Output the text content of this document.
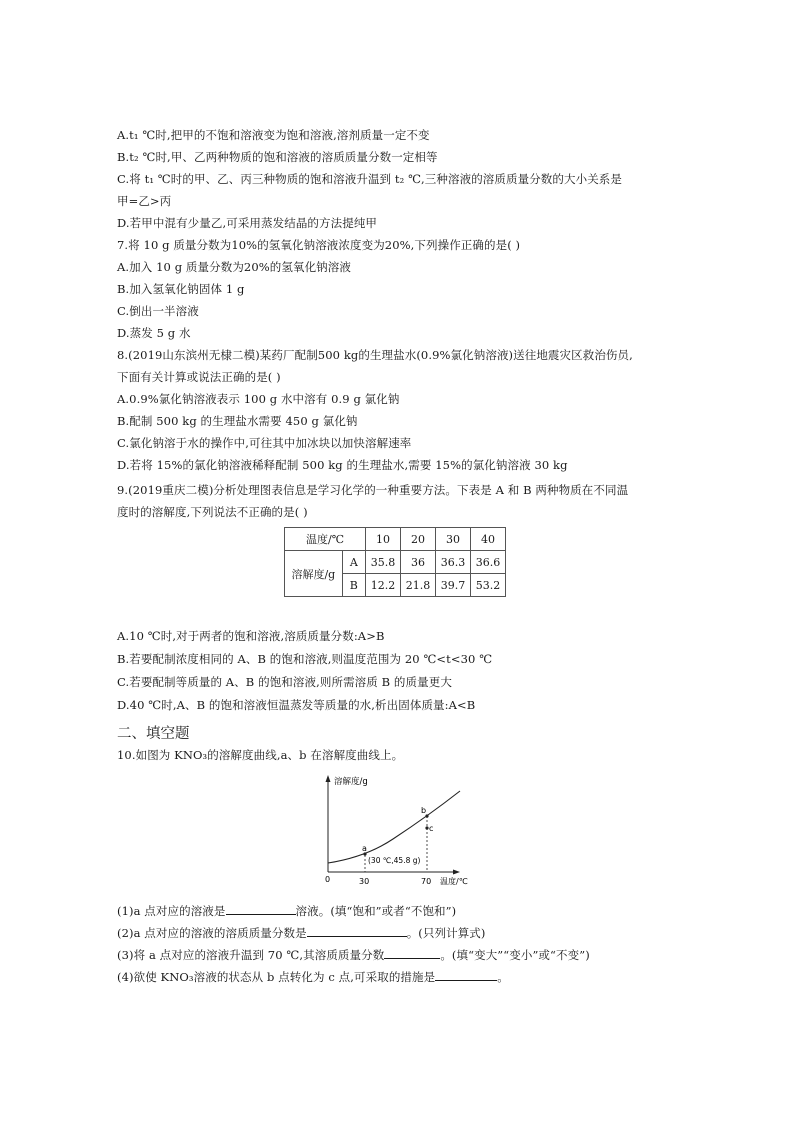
A.t₁ ℃时,把甲的不饱和溶液变为饱和溶液,溶剂质量一定不变
B.t₂ ℃时,甲、乙两种物质的饱和溶液的溶质质量分数一定相等
C.将 t₁ ℃时的甲、乙、丙三种物质的饱和溶液升温到 t₂ ℃,三种溶液的溶质质量分数的大小关系是
甲=乙>丙
D.若甲中混有少量乙,可采用蒸发结晶的方法提纯甲
7.将 10 g 质量分数为10%的氢氧化钠溶液浓度变为20%,下列操作正确的是( )
A.加入 10 g 质量分数为20%的氢氧化钠溶液
B.加入氢氧化钠固体 1 g
C.倒出一半溶液
D.蒸发 5 g 水
8.(2019山东滨州无棣二模)某药厂配制500 kg的生理盐水(0.9%氯化钠溶液)送往地震灾区救治伤员,
下面有关计算或说法正确的是( )
A.0.9%氯化钠溶液表示 100 g 水中溶有 0.9 g 氯化钠
B.配制 500 kg 的生理盐水需要 450 g 氯化钠
C.氯化钠溶于水的操作中,可往其中加冰块以加快溶解速率
D.若将 15%的氯化钠溶液稀释配制 500 kg 的生理盐水,需要 15%的氯化钠溶液 30 kg
9.(2019重庆二模)分析处理图表信息是学习化学的一种重要方法。下表是 A 和 B 两种物质在不同温
度时的溶解度,下列说法不正确的是( )
温度/℃		10	20	30	40
溶解度/g	A	35.8	36	36.3	36.6
	B	12.2	21.8	39.7	53.2
A.10 ℃时,对于两者的饱和溶液,溶质质量分数:A>B
B.若要配制浓度相同的 A、B 的饱和溶液,则温度范围为 20 ℃<t<30 ℃
C.若要配制等质量的 A、B 的饱和溶液,则所需溶质 B 的质量更大
D.40 ℃时,A、B 的饱和溶液恒温蒸发等质量的水,析出固体质量:A<B
二、填空题
10.如图为 KNO₃的溶解度曲线,a、b 在溶解度曲线上。
溶解度/g
温度/℃
0	30	70
a
b
c
(30 ℃,45.8 g)
(1)a 点对应的溶液是	溶液。(填“饱和”或者“不饱和”)
(2)a 点对应的溶液的溶质质量分数是	。(只列计算式)
(3)将 a 点对应的溶液升温到 70 ℃,其溶质质量分数	。(填“变大”“变小”或“不变”)
(4)欲使 KNO₃溶液的状态从 b 点转化为 c 点,可采取的措施是	。
